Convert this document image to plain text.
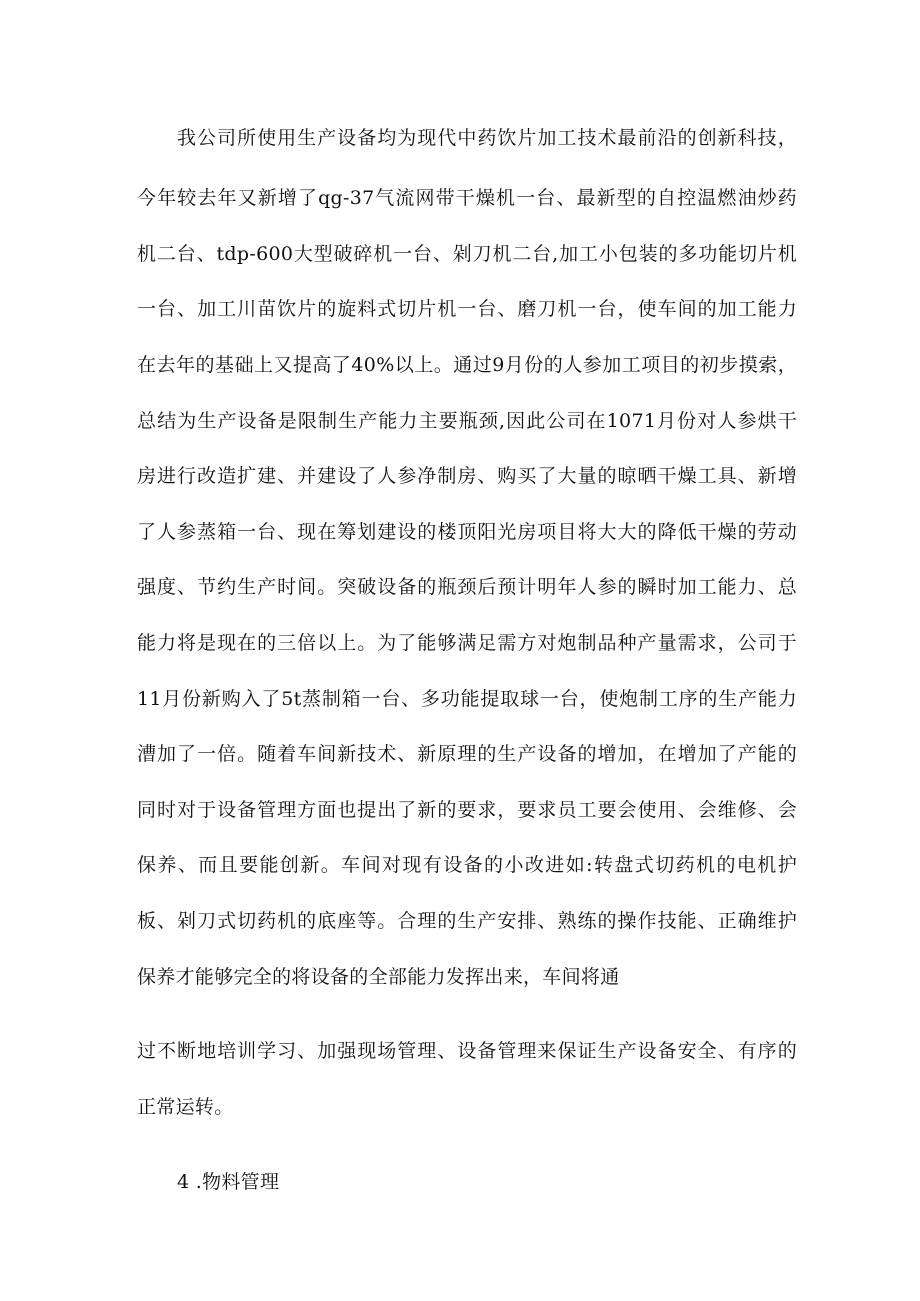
我公司所使用生产设备均为现代中药饮片加工技术最前沿的创新科技，
今年较去年又新增了qg-37气流网带干燥机一台、最新型的自控温燃油炒药
机二台、tdp-600大型破碎机一台、剁刀机二台,加工小包装的多功能切片机
一台、加工川苗饮片的旋料式切片机一台、磨刀机一台，使车间的加工能力
在去年的基础上又提高了40%以上。通过9月份的人参加工项目的初步摸索，
总结为生产设备是限制生产能力主要瓶颈,因此公司在1071月份对人参烘干
房进行改造扩建、并建设了人参净制房、购买了大量的晾晒干燥工具、新增
了人参蒸箱一台、现在筹划建设的楼顶阳光房项目将大大的降低干燥的劳动
强度、节约生产时间。突破设备的瓶颈后预计明年人参的瞬时加工能力、总
能力将是现在的三倍以上。为了能够满足需方对炮制品种产量需求，公司于
11月份新购入了5t蒸制箱一台、多功能提取球一台，使炮制工序的生产能力
漕加了一倍。随着车间新技术、新原理的生产设备的增加，在增加了产能的
同时对于设备管理方面也提出了新的要求，要求员工要会使用、会维修、会
保养、而且要能创新。车间对现有设备的小改进如:转盘式切药机的电机护
板、剁刀式切药机的底座等。合理的生产安排、熟练的操作技能、正确维护
保养才能够完全的将设备的全部能力发挥出来，车间将通
过不断地培训学习、加强现场管理、设备管理来保证生产设备安全、有序的
正常运转。
4 .物料管理
